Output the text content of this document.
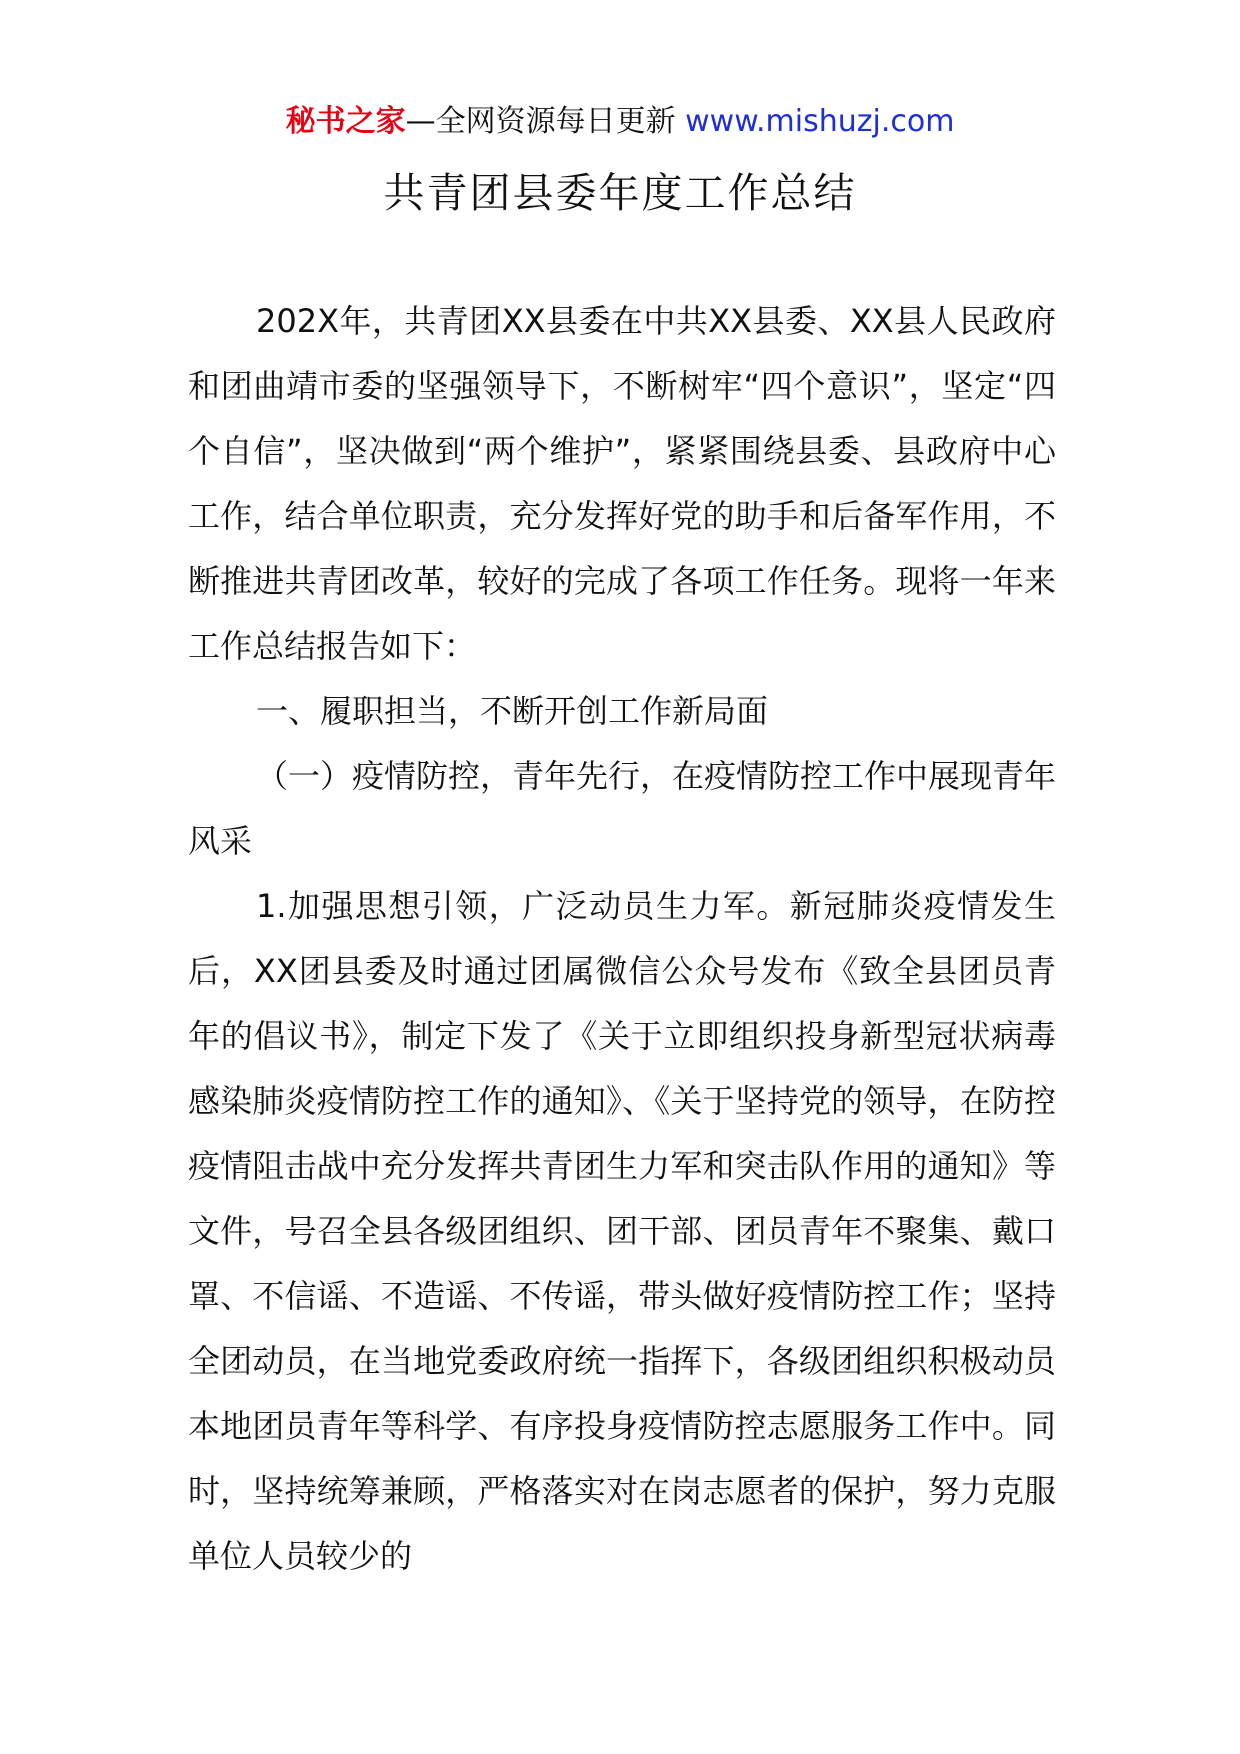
秘书之家—全网资源每日更新 www.mishuzj.com
共青团县委年度工作总结

202X年，共青团XX县委在中共XX县委、XX县人民政府和团曲靖市委的坚强领导下，不断树牢“四个意识”，坚定“四个自信”，坚决做到“两个维护”，紧紧围绕县委、县政府中心工作，结合单位职责，充分发挥好党的助手和后备军作用，不断推进共青团改革，较好的完成了各项工作任务。现将一年来工作总结报告如下：

一、履职担当，不断开创工作新局面

（一）疫情防控，青年先行，在疫情防控工作中展现青年风采

1.加强思想引领，广泛动员生力军。新冠肺炎疫情发生后，XX团县委及时通过团属微信公众号发布《致全县团员青年的倡议书》，制定下发了《关于立即组织投身新型冠状病毒感染肺炎疫情防控工作的通知》、《关于坚持党的领导，在防控疫情阻击战中充分发挥共青团生力军和突击队作用的通知》等文件，号召全县各级团组织、团干部、团员青年不聚集、戴口罩、不信谣、不造谣、不传谣，带头做好疫情防控工作；坚持全团动员，在当地党委政府统一指挥下，各级团组织积极动员本地团员青年等科学、有序投身疫情防控志愿服务工作中。同时，坚持统筹兼顾，严格落实对在岗志愿者的保护，努力克服单位人员较少的
